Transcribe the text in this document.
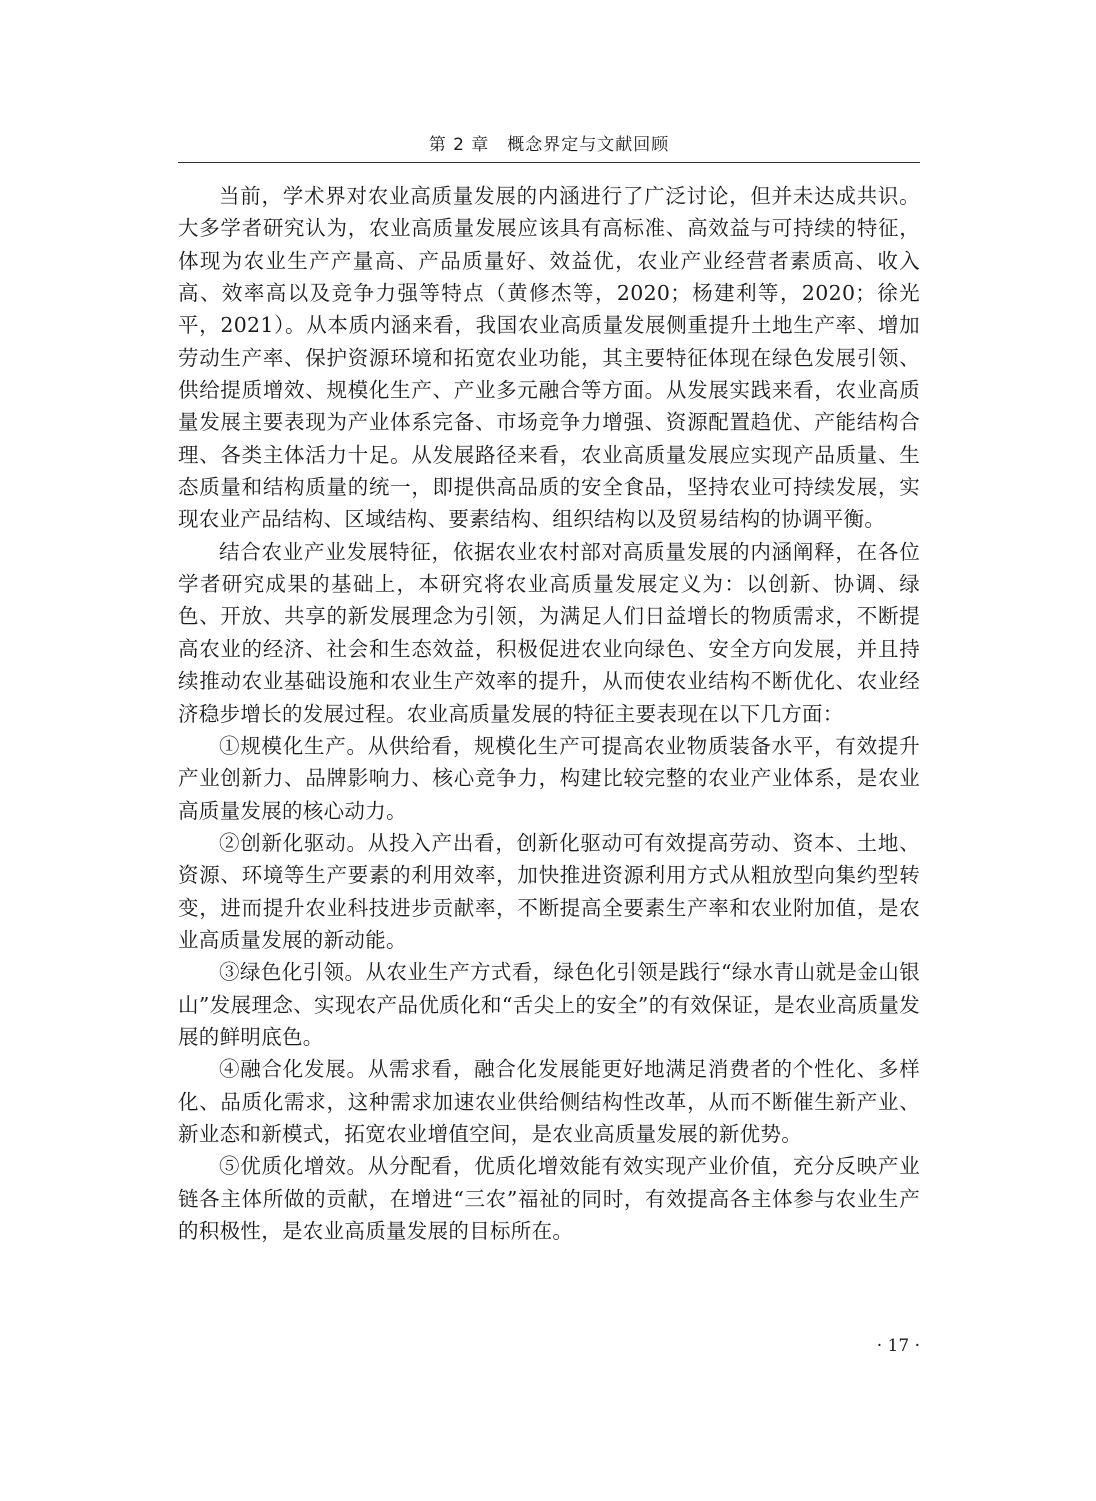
第 2 章　概念界定与文献回顾

当前，学术界对农业高质量发展的内涵进行了广泛讨论，但并未达成共识。大多学者研究认为，农业高质量发展应该具有高标准、高效益与可持续的特征，体现为农业生产产量高、产品质量好、效益优，农业产业经营者素质高、收入高、效率高以及竞争力强等特点（黄修杰等，2020；杨建利等，2020；徐光平，2021）。从本质内涵来看，我国农业高质量发展侧重提升土地生产率、增加劳动生产率、保护资源环境和拓宽农业功能，其主要特征体现在绿色发展引领、供给提质增效、规模化生产、产业多元融合等方面。从发展实践来看，农业高质量发展主要表现为产业体系完备、市场竞争力增强、资源配置趋优、产能结构合理、各类主体活力十足。从发展路径来看，农业高质量发展应实现产品质量、生态质量和结构质量的统一，即提供高品质的安全食品，坚持农业可持续发展，实现农业产品结构、区域结构、要素结构、组织结构以及贸易结构的协调平衡。

结合农业产业发展特征，依据农业农村部对高质量发展的内涵阐释，在各位学者研究成果的基础上，本研究将农业高质量发展定义为：以创新、协调、绿色、开放、共享的新发展理念为引领，为满足人们日益增长的物质需求，不断提高农业的经济、社会和生态效益，积极促进农业向绿色、安全方向发展，并且持续推动农业基础设施和农业生产效率的提升，从而使农业结构不断优化、农业经济稳步增长的发展过程。农业高质量发展的特征主要表现在以下几方面：

①规模化生产。从供给看，规模化生产可提高农业物质装备水平，有效提升产业创新力、品牌影响力、核心竞争力，构建比较完整的农业产业体系，是农业高质量发展的核心动力。

②创新化驱动。从投入产出看，创新化驱动可有效提高劳动、资本、土地、资源、环境等生产要素的利用效率，加快推进资源利用方式从粗放型向集约型转变，进而提升农业科技进步贡献率，不断提高全要素生产率和农业附加值，是农业高质量发展的新动能。

③绿色化引领。从农业生产方式看，绿色化引领是践行“绿水青山就是金山银山”发展理念、实现农产品优质化和“舌尖上的安全”的有效保证，是农业高质量发展的鲜明底色。

④融合化发展。从需求看，融合化发展能更好地满足消费者的个性化、多样化、品质化需求，这种需求加速农业供给侧结构性改革，从而不断催生新产业、新业态和新模式，拓宽农业增值空间，是农业高质量发展的新优势。

⑤优质化增效。从分配看，优质化增效能有效实现产业价值，充分反映产业链各主体所做的贡献，在增进“三农”福祉的同时，有效提高各主体参与农业生产的积极性，是农业高质量发展的目标所在。

· 17 ·
